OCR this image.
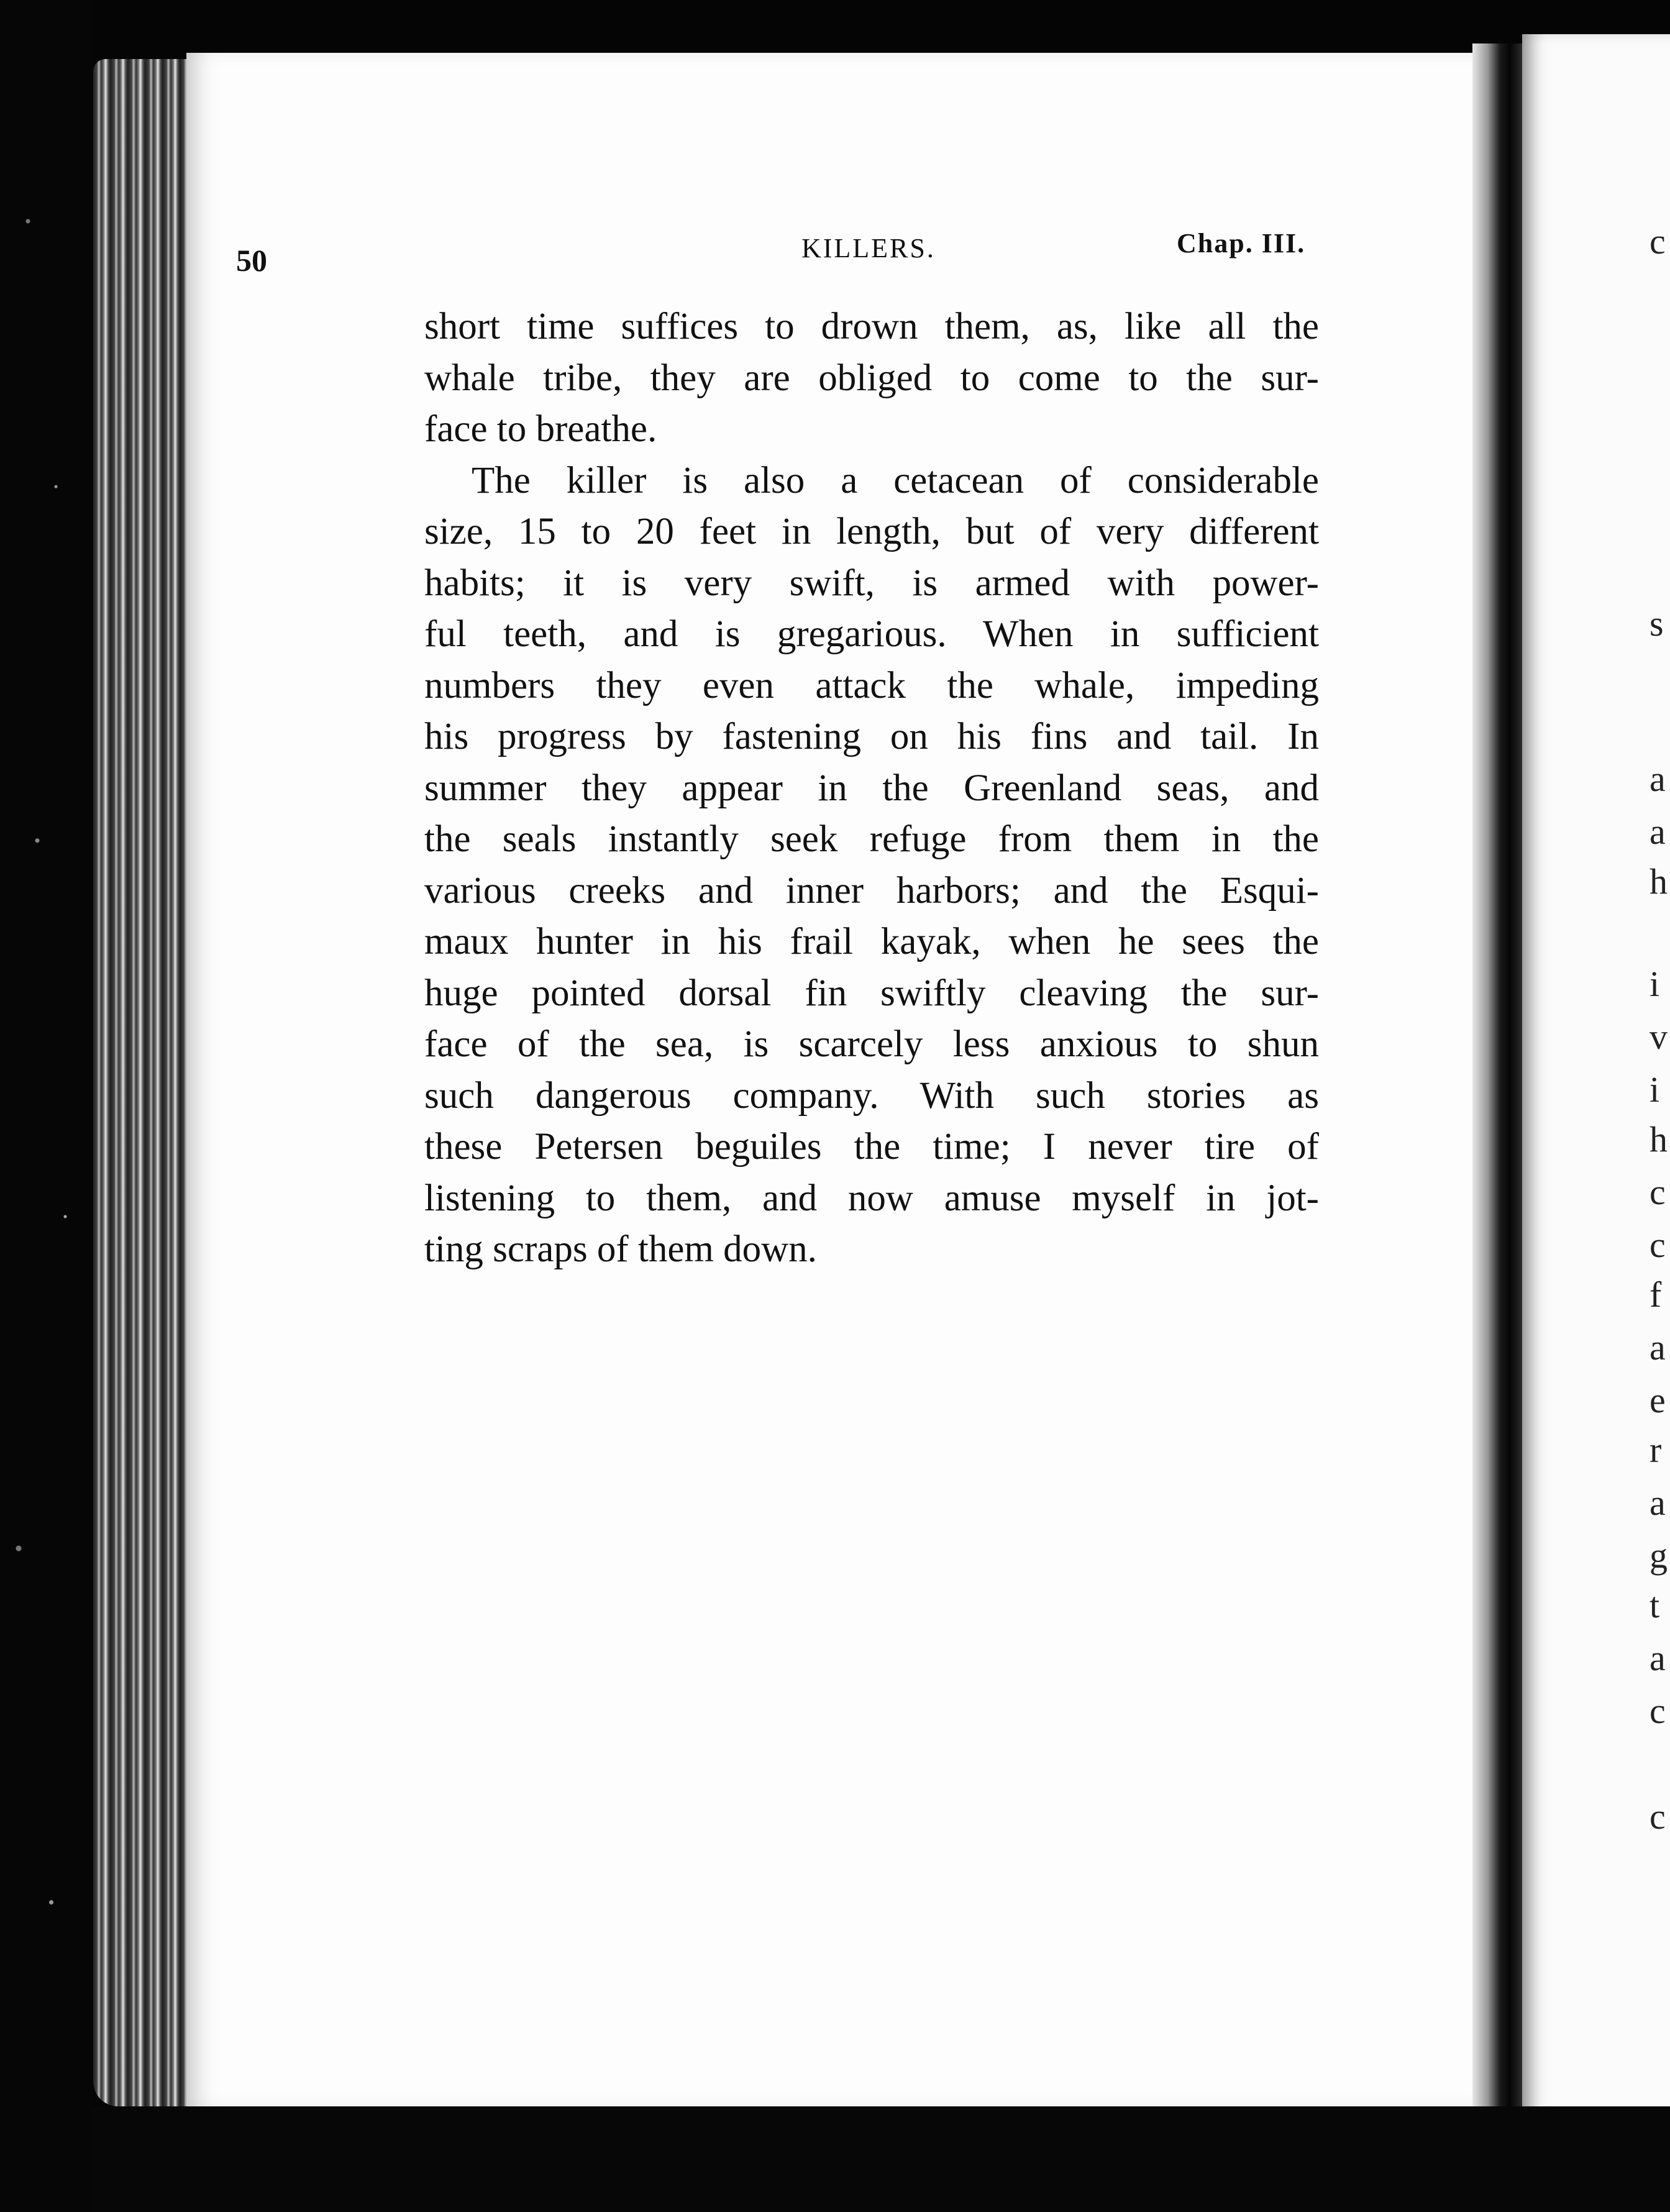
50	KILLERS.	Chap. III.

short time suffices to drown them, as, like all the
whale tribe, they are obliged to come to the sur-
face to breathe.
The killer is also a cetacean of considerable
size, 15 to 20 feet in length, but of very different
habits; it is very swift, is armed with power-
ful teeth, and is gregarious. When in sufficient
numbers they even attack the whale, impeding
his progress by fastening on his fins and tail. In
summer they appear in the Greenland seas, and
the seals instantly seek refuge from them in the
various creeks and inner harbors; and the Esqui-
maux hunter in his frail kayak, when he sees the
huge pointed dorsal fin swiftly cleaving the sur-
face of the sea, is scarcely less anxious to shun
such dangerous company. With such stories as
these Petersen beguiles the time; I never tire of
listening to them, and now amuse myself in jot-
ting scraps of them down.
c
s
a
a
h
i
v
i
h
c
c
f
a
e
r
a
g
t
a
c
c
